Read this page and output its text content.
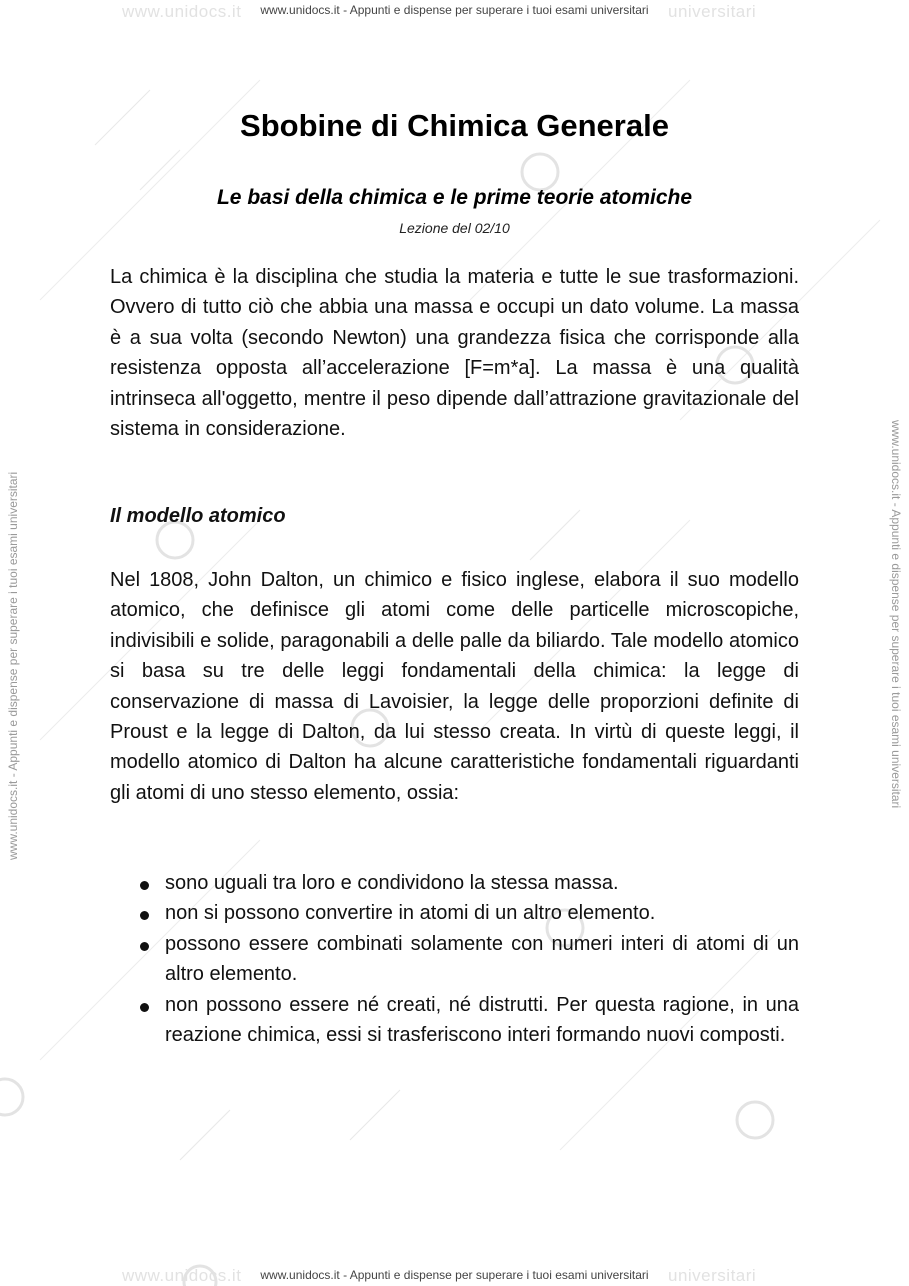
www.unidocs.it	universitari
www.unidocs.it - Appunti e dispense per superare i tuoi esami universitari
www.unidocs.it	universitari
www.unidocs.it - Appunti e dispense per superare i tuoi esami universitari
www.unidocs.it - Appunti e dispense per superare i tuoi esami universitari	www.unidocs.it - Appunti e dispense per superare i tuoi esami universitari
Sbobine di Chimica Generale
Le basi della chimica e le prime teorie atomiche
Lezione del 02/10

La chimica è la disciplina che studia la materia e tutte le sue trasformazioni. Ovvero di tutto ciò che abbia una massa e occupi un dato volume. La massa è a sua volta (secondo Newton) una grandezza fisica che corrisponde alla resistenza opposta all’accelerazione [F=m*a]. La massa è una qualità intrinseca all'oggetto, mentre il peso dipende dall’attrazione gravitazionale del sistema in considerazione.

Il modello atomico

Nel 1808, John Dalton, un chimico e fisico inglese, elabora il suo modello atomico, che definisce gli atomi come delle particelle microscopiche, indivisibili e solide, paragonabili a delle palle da biliardo. Tale modello atomico si basa su tre delle leggi fondamentali della chimica: la legge di conservazione di massa di Lavoisier, la legge delle proporzioni definite di Proust e la legge di Dalton, da lui stesso creata. In virtù di queste leggi, il modello atomico di Dalton ha alcune caratteristiche fondamentali riguardanti gli atomi di uno stesso elemento, ossia:

sono uguali tra loro e condividono la stessa massa.
non si possono convertire in atomi di un altro elemento.
possono essere combinati solamente con numeri interi di atomi di un altro elemento.
non possono essere né creati, né distrutti. Per questa ragione, in una reazione chimica, essi si trasferiscono interi formando nuovi composti.
